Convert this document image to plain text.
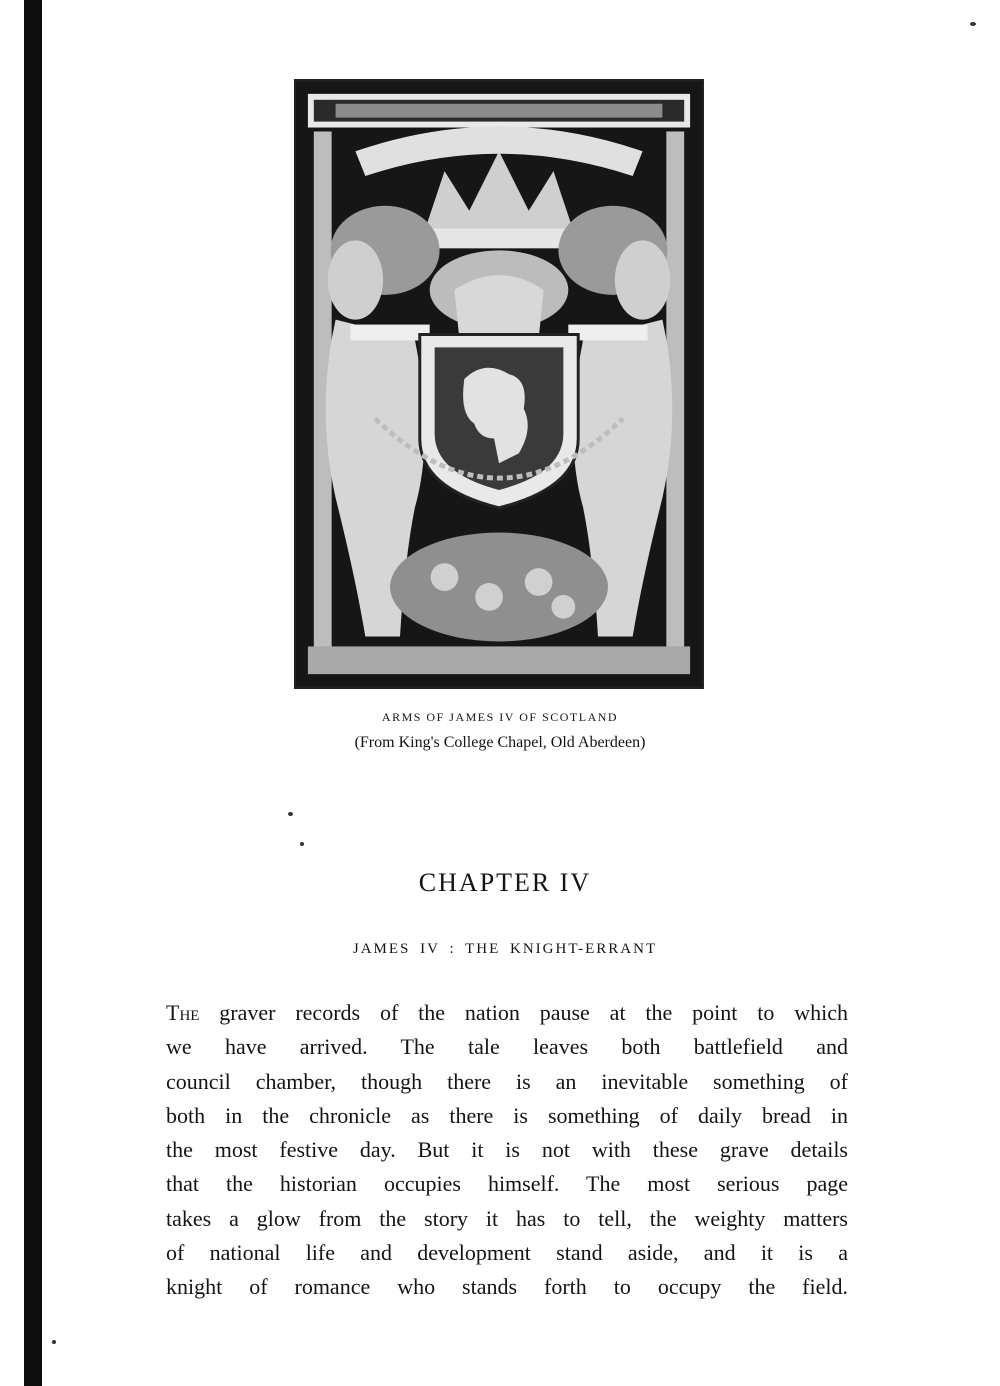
ARMS OF JAMES IV OF SCOTLAND

(From King's College Chapel, Old Aberdeen)

CHAPTER IV
JAMES IV : THE KNIGHT-ERRANT

The graver records of the nation pause at the point to which
we have arrived. The tale leaves both battlefield and
council chamber, though there is an inevitable something of
both in the chronicle as there is something of daily bread in
the most festive day. But it is not with these grave details
that the historian occupies himself. The most serious page
takes a glow from the story it has to tell, the weighty matters
of national life and development stand aside, and it is a
knight of romance who stands forth to occupy the field.
